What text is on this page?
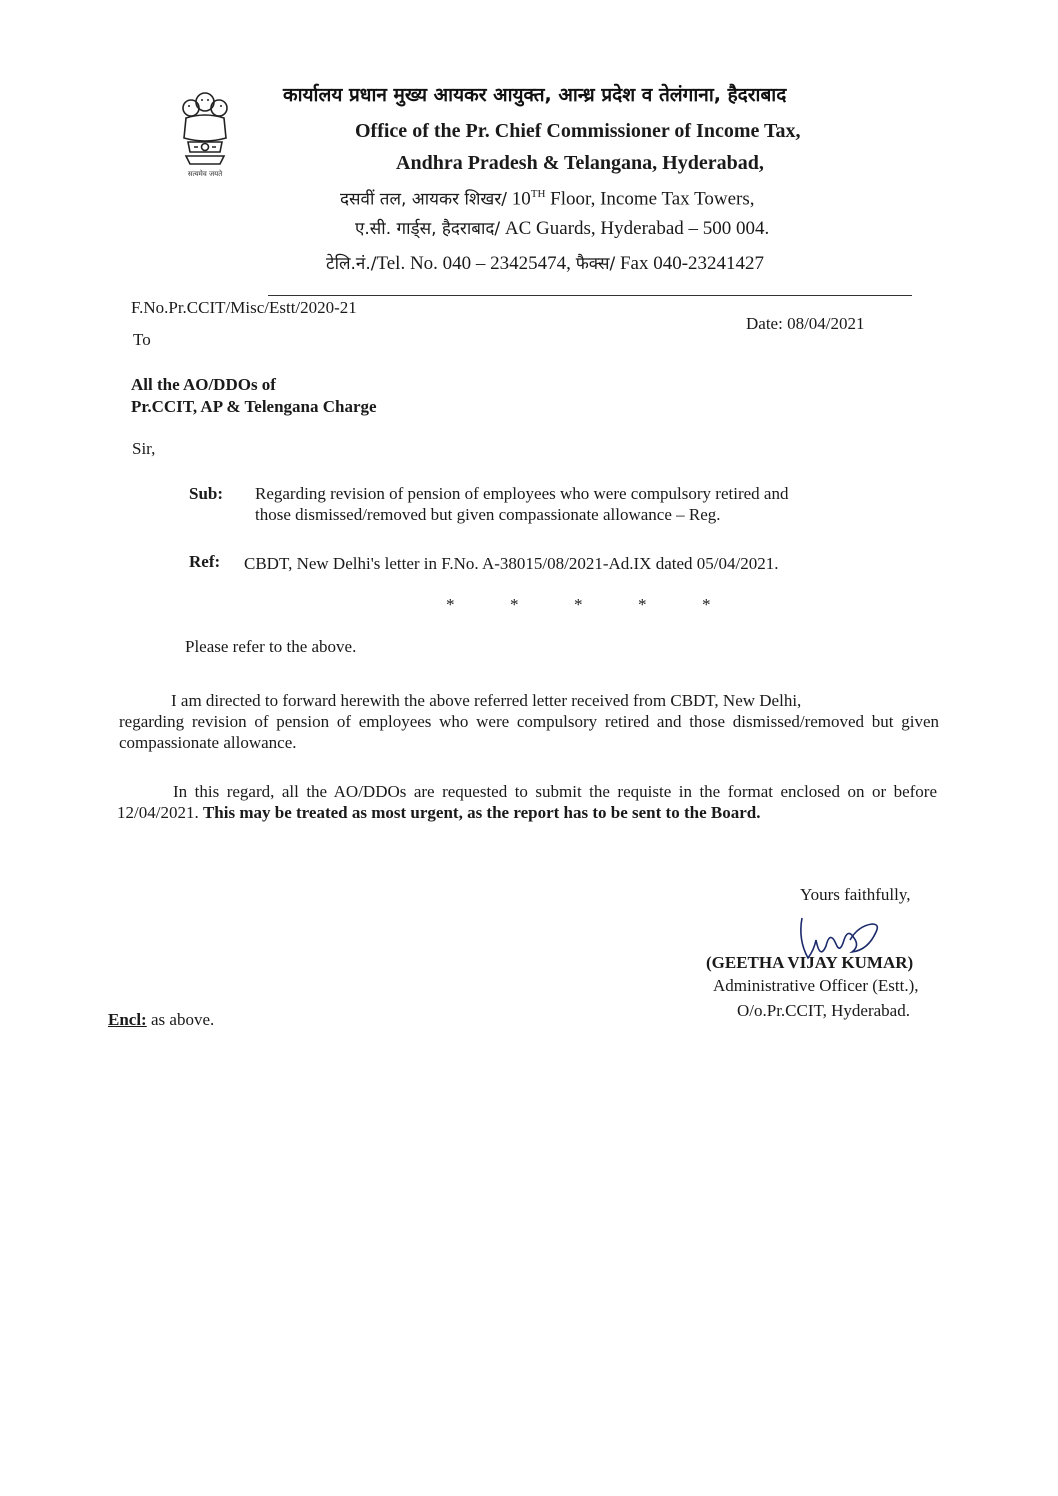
सत्यमेव जयते
कार्यालय प्रधान मुख्य आयकर आयुक्त, आन्ध्र प्रदेश व तेलंगाना, हैदराबाद
Office of the Pr. Chief Commissioner of Income Tax,
Andhra Pradesh & Telangana, Hyderabad,
दसवीं तल, आयकर शिखर/ 10TH Floor, Income Tax Towers,
ए.सी. गार्ड्स, हैदराबाद/ AC Guards, Hyderabad – 500 004.
टेलि.नं./Tel. No. 040 – 23425474, फैक्स/ Fax 040-23241427
F.No.Pr.CCIT/Misc/Estt/2020-21
Date: 08/04/2021
To
All the AO/DDOs of
Pr.CCIT, AP & Telengana Charge
Sir,
Sub: Regarding revision of pension of employees who were compulsory retired and
those dismissed/removed but given compassionate allowance – Reg.
Ref: CBDT, New Delhi's letter in F.No. A-38015/08/2021-Ad.IX dated 05/04/2021.
*	*	*	*	*
Please refer to the above.
I am directed to forward herewith the above referred letter received from CBDT, New Delhi,
regarding revision of pension of employees who were compulsory retired and those dismissed/removed but given compassionate allowance.
In this regard, all the AO/DDOs are requested to submit the requiste in the format enclosed on or before 12/04/2021. This may be treated as most urgent, as the report has to be sent to the Board.
Yours faithfully,
(GEETHA VIJAY KUMAR)
Administrative Officer (Estt.),
O/o.Pr.CCIT, Hyderabad.
Encl: as above.
